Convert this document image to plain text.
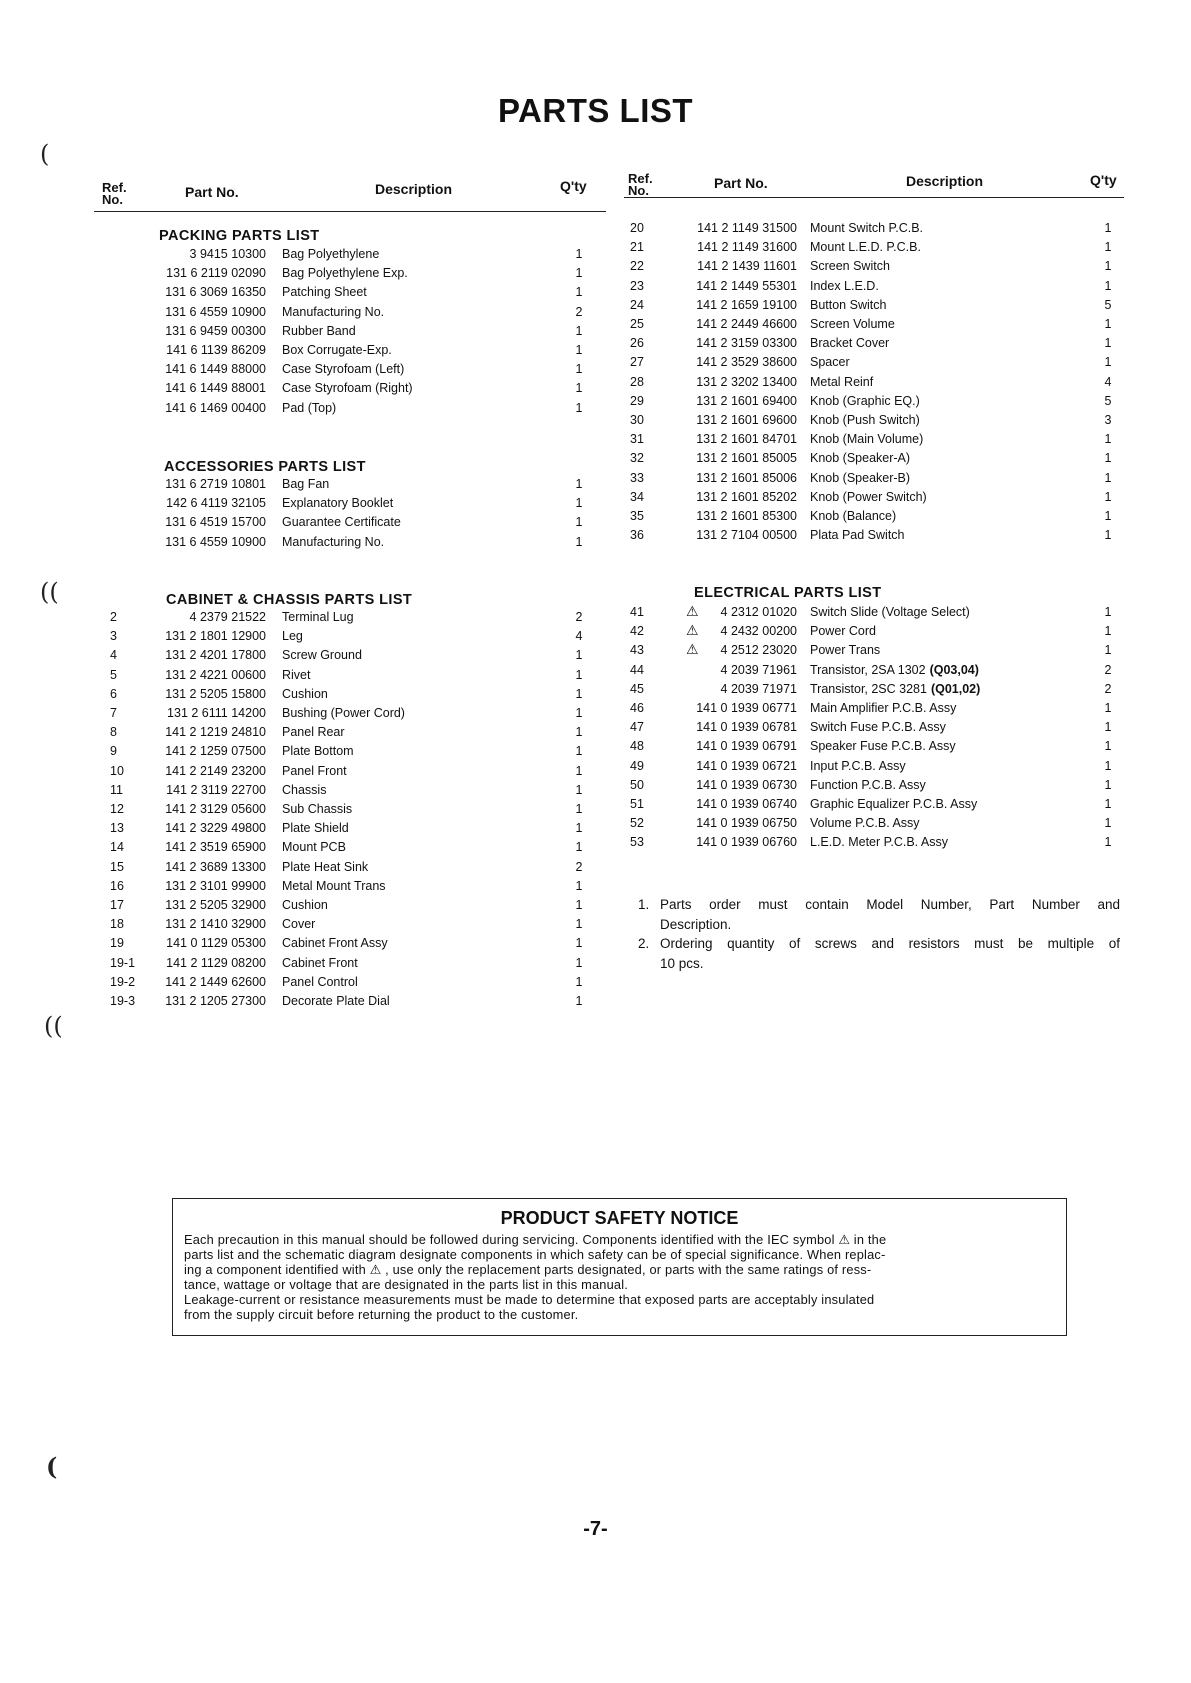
PARTS LIST
(
((
((
(
Ref. No.	Part No.	Description	Q'ty	Ref. No.	Part No.	Description	Q'ty
PACKING PARTS LIST
ACCESSORIES PARTS LIST
CABINET & CHASSIS PARTS LIST	ELECTRICAL PARTS LIST
3 9415 10300 Bag Polyethylene	1
131 6 2119 02090 Bag Polyethylene Exp.	1
131 6 3069 16350 Patching Sheet	1
131 6 4559 10900 Manufacturing No.	2
131 6 9459 00300 Rubber Band	1
141 6 1139 86209 Box Corrugate-Exp.	1
141 6 1449 88000 Case Styrofoam (Left)	1
141 6 1449 88001 Case Styrofoam (Right)	1
141 6 1469 00400 Pad (Top)	1
131 6 2719 10801 Bag Fan	1
142 6 4119 32105 Explanatory Booklet	1
131 6 4519 15700 Guarantee Certificate	1
131 6 4559 10900 Manufacturing No.	1
2	4 2379 21522 Terminal Lug	2
3	131 2 1801 12900 Leg	4
4	131 2 4201 17800 Screw Ground	1
5	131 2 4221 00600 Rivet	1
6	131 2 5205 15800 Cushion	1
7	131 2 6111 14200 Bushing (Power Cord)	1
8	141 2 1219 24810 Panel Rear	1
9	141 2 1259 07500 Plate Bottom	1
10	141 2 2149 23200 Panel Front	1
11	141 2 3119 22700 Chassis	1
12	141 2 3129 05600 Sub Chassis	1
13	141 2 3229 49800 Plate Shield	1
14	141 2 3519 65900 Mount PCB	1
15	141 2 3689 13300 Plate Heat Sink	2
16	131 2 3101 99900 Metal Mount Trans	1
17	131 2 5205 32900 Cushion	1
18	131 2 1410 32900 Cover	1
19	141 0 1129 05300 Cabinet Front Assy	1
19-1 141 2 1129 08200 Cabinet Front	1
19-2 141 2 1449 62600 Panel Control	1
19-3 131 2 1205 27300 Decorate Plate Dial	1
20	141 2 1149 31500 Mount Switch P.C.B.	1
21	141 2 1149 31600 Mount L.E.D. P.C.B.	1
22	141 2 1439 11601 Screen Switch	1
23	141 2 1449 55301 Index L.E.D.	1
24	141 2 1659 19100 Button Switch	5
25	141 2 2449 46600 Screen Volume	1
26	141 2 3159 03300 Bracket Cover	1
27	141 2 3529 38600 Spacer	1
28	131 2 3202 13400 Metal Reinf	4
29	131 2 1601 69400 Knob (Graphic EQ.)	5
30	131 2 1601 69600 Knob (Push Switch)	3
31	131 2 1601 84701 Knob (Main Volume)	1
32	131 2 1601 85005 Knob (Speaker-A)	1
33	131 2 1601 85006 Knob (Speaker-B)	1
34	131 2 1601 85202 Knob (Power Switch)	1
35	131 2 1601 85300 Knob (Balance)	1
36	131 2 7104 00500 Plata Pad Switch	1
41	⚠ 4 2312 01020 Switch Slide (Voltage Select)	1
42	⚠ 4 2432 00200 Power Cord	1
43	⚠ 4 2512 23020 Power Trans	1
44	4 2039 71961 Transistor, 2SA 1302 (Q03,04)	2
45	4 2039 71971 Transistor, 2SC 3281 (Q01,02)	2
46	141 0 1939 06771 Main Amplifier P.C.B. Assy	1
47	141 0 1939 06781 Switch Fuse P.C.B. Assy	1
48	141 0 1939 06791 Speaker Fuse P.C.B. Assy	1
49	141 0 1939 06721 Input P.C.B. Assy	1
50	141 0 1939 06730 Function P.C.B. Assy	1
51	141 0 1939 06740 Graphic Equalizer P.C.B. Assy	1
52	141 0 1939 06750 Volume P.C.B. Assy	1
53	141 0 1939 06760 L.E.D. Meter P.C.B. Assy	1
1. Parts order must contain Model Number, Part Number and
Description.
2. Ordering quantity of screws and resistors must be multiple of
10 pcs.
PRODUCT SAFETY NOTICE
Each precaution in this manual should be followed during servicing. Components identified with the IEC symbol ⚠ in the
parts list and the schematic diagram designate components in which safety can be of special significance. When replac-
ing a component identified with ⚠ , use only the replacement parts designated, or parts with the same ratings of ress-
tance, wattage or voltage that are designated in the parts list in this manual.
Leakage-current or resistance measurements must be made to determine that exposed parts are acceptably insulated
from the supply circuit before returning the product to the customer.
-7-
